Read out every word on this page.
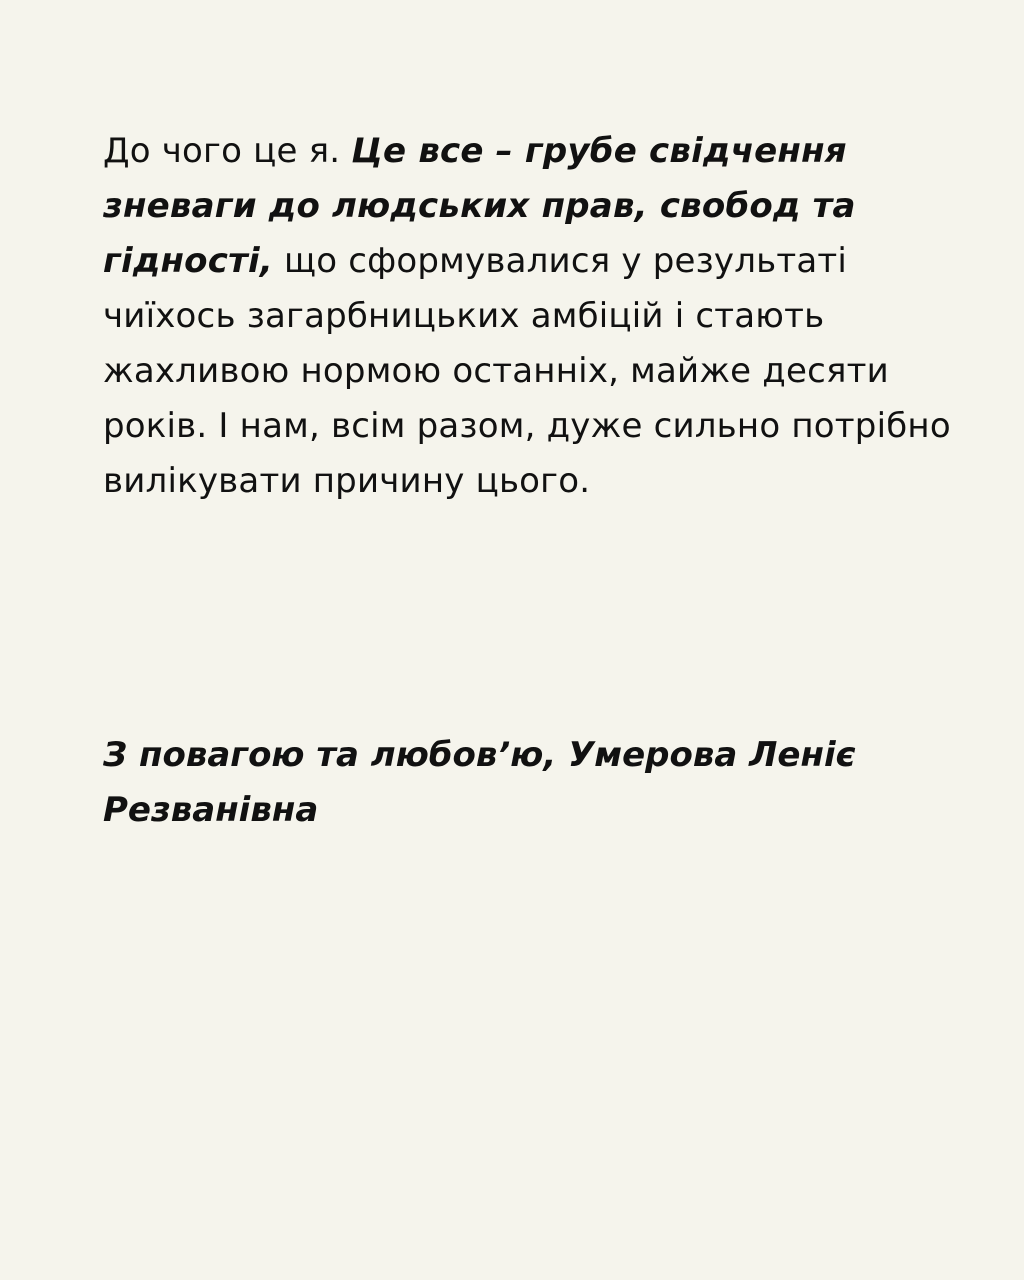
До чого це я. Це все – грубе свідчення зневаги до людських прав, свобод та гідності, що сформувалися у результаті чиїхось загарбницьких амбіцій і стають жахливою нормою останніх, майже десяти років. І нам, всім разом, дуже сильно потрібно вилікувати причину цього.

З повагою та любов’ю, Умерова Леніє Резванівна
